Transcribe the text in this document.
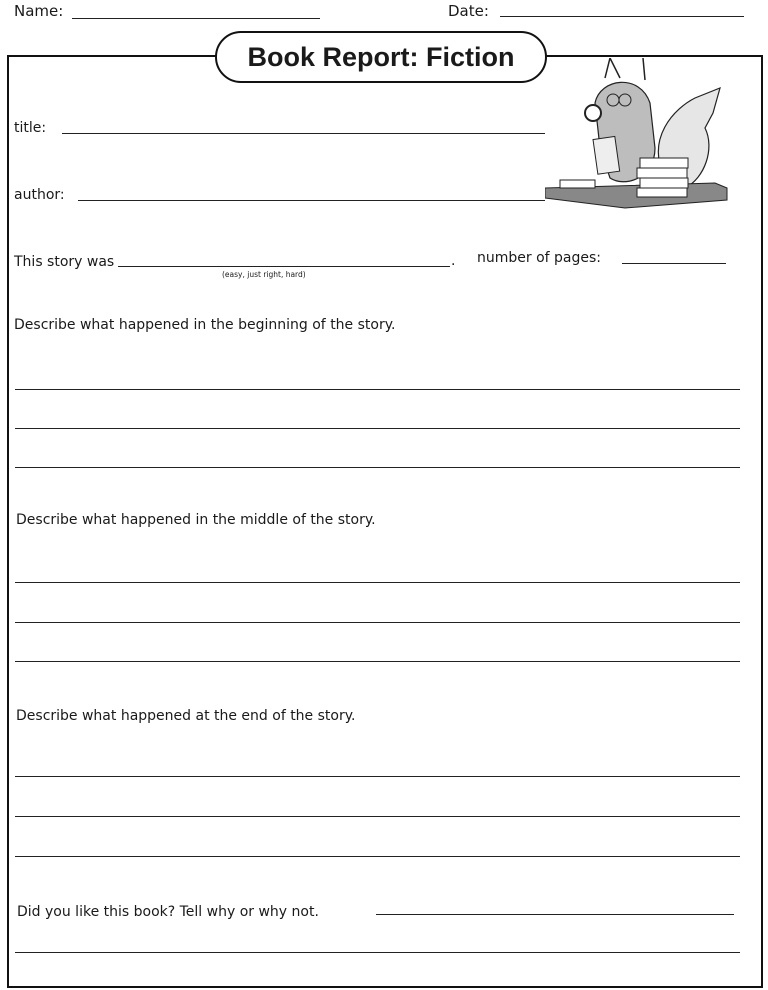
Name:	Date:
Book Report: Fiction
title:
author:
This story was	.
(easy, just right, hard)
number of pages:
Describe what happened in the beginning of the story.
Describe what happened in the middle of the story.
Describe what happened at the end of the story.
Did you like this book? Tell why or why not.
